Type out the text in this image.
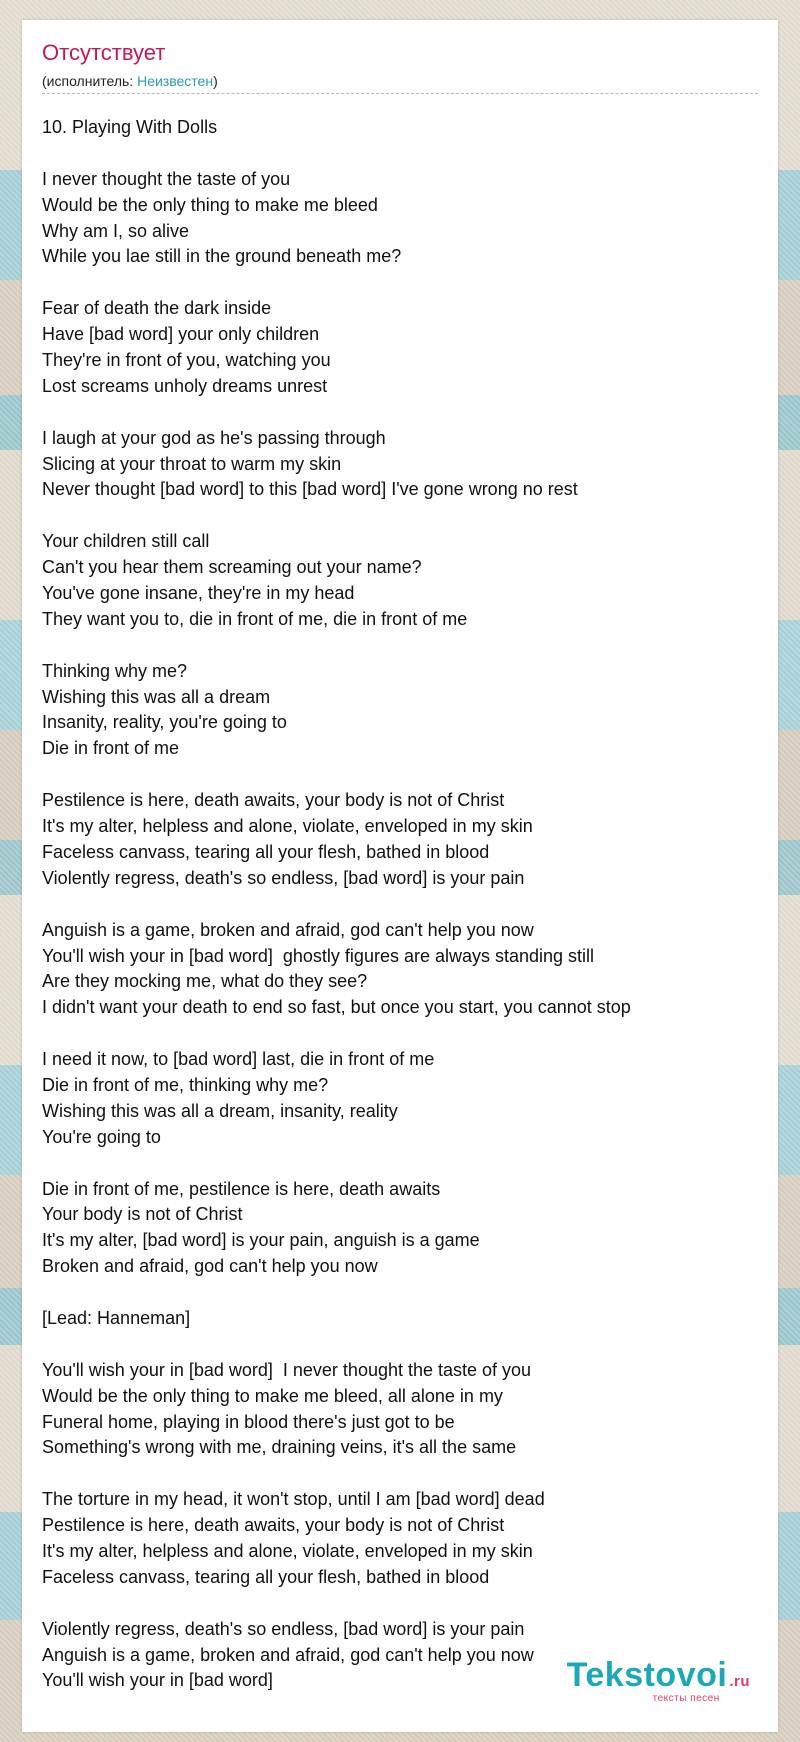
Отсутствует
(исполнитель: Неизвестен)
10. Playing With Dolls
I never thought the taste of you
Would be the only thing to make me bleed
Why am I, so alive
While you lae still in the ground beneath me?
Fear of death the dark inside
Have [bad word] your only children
They're in front of you, watching you
Lost screams unholy dreams unrest
I laugh at your god as he's passing through
Slicing at your throat to warm my skin
Never thought [bad word] to this [bad word] I've gone wrong no rest
Your children still call
Can't you hear them screaming out your name?
You've gone insane, they're in my head
They want you to, die in front of me, die in front of me
Thinking why me?
Wishing this was all a dream
Insanity, reality, you're going to
Die in front of me
Pestilence is here, death awaits, your body is not of Christ
It's my alter, helpless and alone, violate, enveloped in my skin
Faceless canvass, tearing all your flesh, bathed in blood
Violently regress, death's so endless, [bad word] is your pain
Anguish is a game, broken and afraid, god can't help you now
You'll wish your in [bad word]  ghostly figures are always standing still
Are they mocking me, what do they see?
I didn't want your death to end so fast, but once you start, you cannot stop
I need it now, to [bad word] last, die in front of me
Die in front of me, thinking why me?
Wishing this was all a dream, insanity, reality
You're going to
Die in front of me, pestilence is here, death awaits
Your body is not of Christ
It's my alter, [bad word] is your pain, anguish is a game
Broken and afraid, god can't help you now
[Lead: Hanneman]
You'll wish your in [bad word]  I never thought the taste of you
Would be the only thing to make me bleed, all alone in my
Funeral home, playing in blood there's just got to be
Something's wrong with me, draining veins, it's all the same
The torture in my head, it won't stop, until I am [bad word] dead
Pestilence is here, death awaits, your body is not of Christ
It's my alter, helpless and alone, violate, enveloped in my skin
Faceless canvass, tearing all your flesh, bathed in blood
Violently regress, death's so endless, [bad word] is your pain
Anguish is a game, broken and afraid, god can't help you now
You'll wish your in [bad word]	Tekstovoi .ru
тексты песен
